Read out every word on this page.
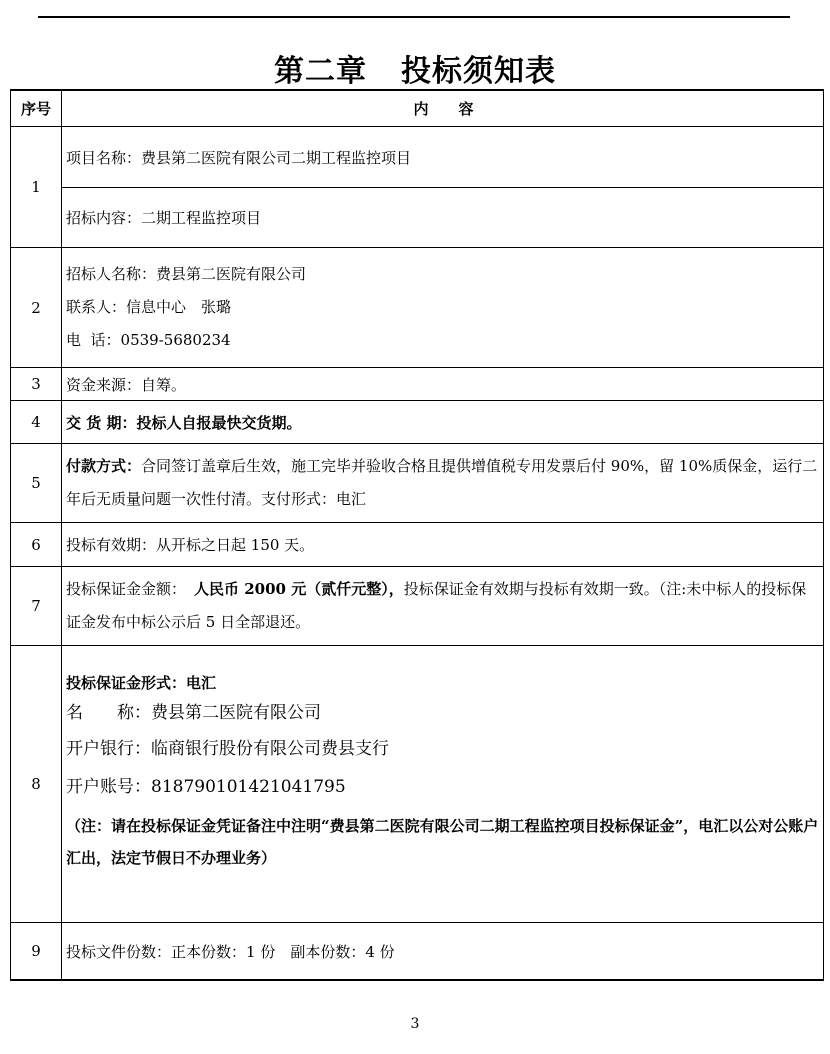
第二章 投标须知表
序号	内　　容
1	项目名称：费县第二医院有限公司二期工程监控项目
招标内容：二期工程监控项目

2	招标人名称：费县第二医院有限公司
联系人：信息中心　张璐
电  话：0539-5680234

3	资金来源：自筹。
4	交 货 期：投标人自报最快交货期。
5	付款方式：合同签订盖章后生效，施工完毕并验收合格且提供增值税专用发票后付 90%，留 10%质保金，运行二年后无质量问题一次性付清。支付形式：电汇
6	投标有效期：从开标之日起 150 天。
7	投标保证金金额： 人民币 2000 元（贰仟元整），投标保证金有效期与投标有效期一致。（注:未中标人的投标保证金发布中标公示后 5 日全部退还。
8	投标保证金形式：电汇
名　　称：费县第二医院有限公司
开户银行：临商银行股份有限公司费县支行
开户账号：818790101421041795
（注：请在投标保证金凭证备注中注明“费县第二医院有限公司二期工程监控项目投标保证金”，电汇以公对公账户汇出，法定节假日不办理业务）

9	投标文件份数：正本份数：1 份　副本份数：4 份
3
